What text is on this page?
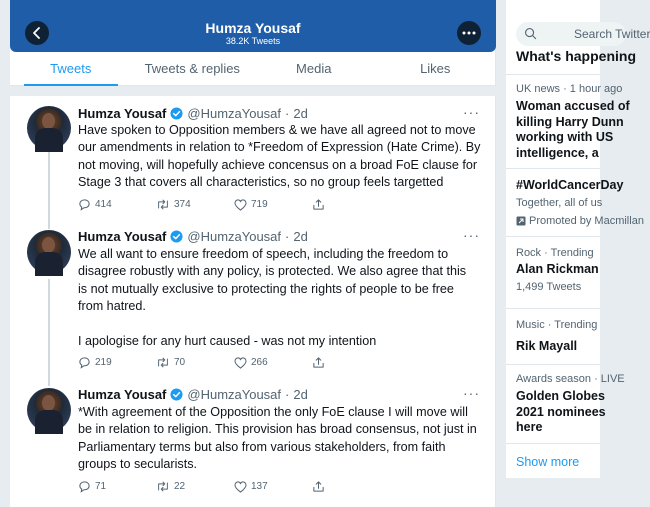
Humza Yousaf
38.2K Tweets
Tweets	Tweets & replies	Media	Likes
Humza Yousaf @HumzaYousaf · 2d	···
Have spoken to Opposition members & we have all agreed not to move
our amendments in relation to *Freedom of Expression (Hate Crime). By
not moving, will hopefully achieve concensus on a broad FoE clause for
Stage 3 that covers all characteristics, so no group feels targetted
414	374	719
Humza Yousaf @HumzaYousaf · 2d	···
We all want to ensure freedom of speech, including the freedom to
disagree robustly with any policy, is protected. We also agree that this
is not mutually exclusive to protecting the rights of people to be free
from hatred.

I apologise for any hurt caused - was not my intention
219	70	266
Humza Yousaf @HumzaYousaf · 2d	···
*With agreement of the Opposition the only FoE clause I will move will
be in relation to religion. This provision has broad consensus, not just in
Parliamentary terms but also from various stakeholders, from faith
groups to secularists.
71	22	137
Search Twitter
What's happening
UK news · 1 hour ago
Woman accused of
killing Harry Dunn
working with US
intelligence, a
#WorldCancerDay
Together, all of us
Promoted by Macmillan
Rock · Trending
Alan Rickman
1,499 Tweets
Music · Trending
Rik Mayall
Awards season · LIVE
Golden Globes
2021 nominees
here
Show more
